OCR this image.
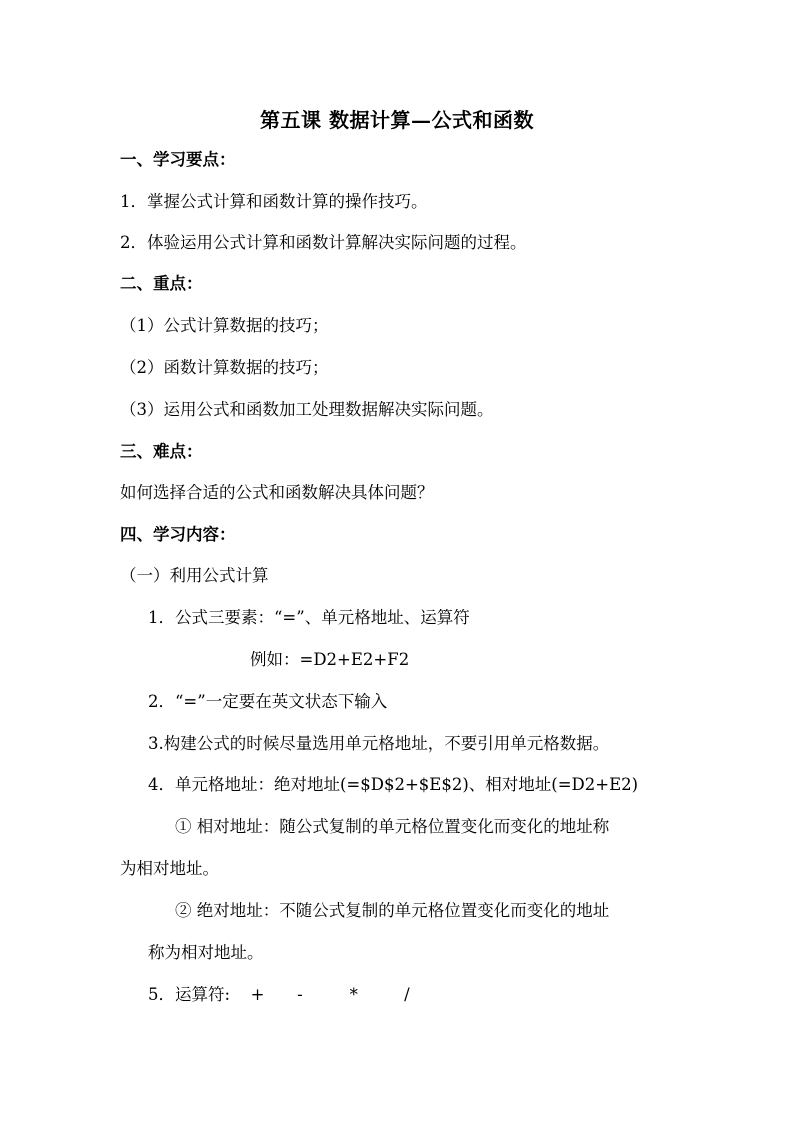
第五课 数据计算—公式和函数
一、学习要点：
1．掌握公式计算和函数计算的操作技巧。
2．体验运用公式计算和函数计算解决实际问题的过程。
二、重点：
（1）公式计算数据的技巧；
（2）函数计算数据的技巧；
（3）运用公式和函数加工处理数据解决实际问题。
三、难点：
如何选择合适的公式和函数解决具体问题？
四、学习内容：
（一）利用公式计算
1．公式三要素：“=”、单元格地址、运算符
例如：=D2+E2+F2
2．“=”一定要在英文状态下输入
3.构建公式的时候尽量选用单元格地址，不要引用单元格数据。
4．单元格地址：绝对地址(=$D$2+$E$2)、相对地址(=D2+E2)
① 相对地址：随公式复制的单元格位置变化而变化的地址称
为相对地址。
② 绝对地址：不随公式复制的单元格位置变化而变化的地址
称为相对地址。
5．运算符: + -	*	/
